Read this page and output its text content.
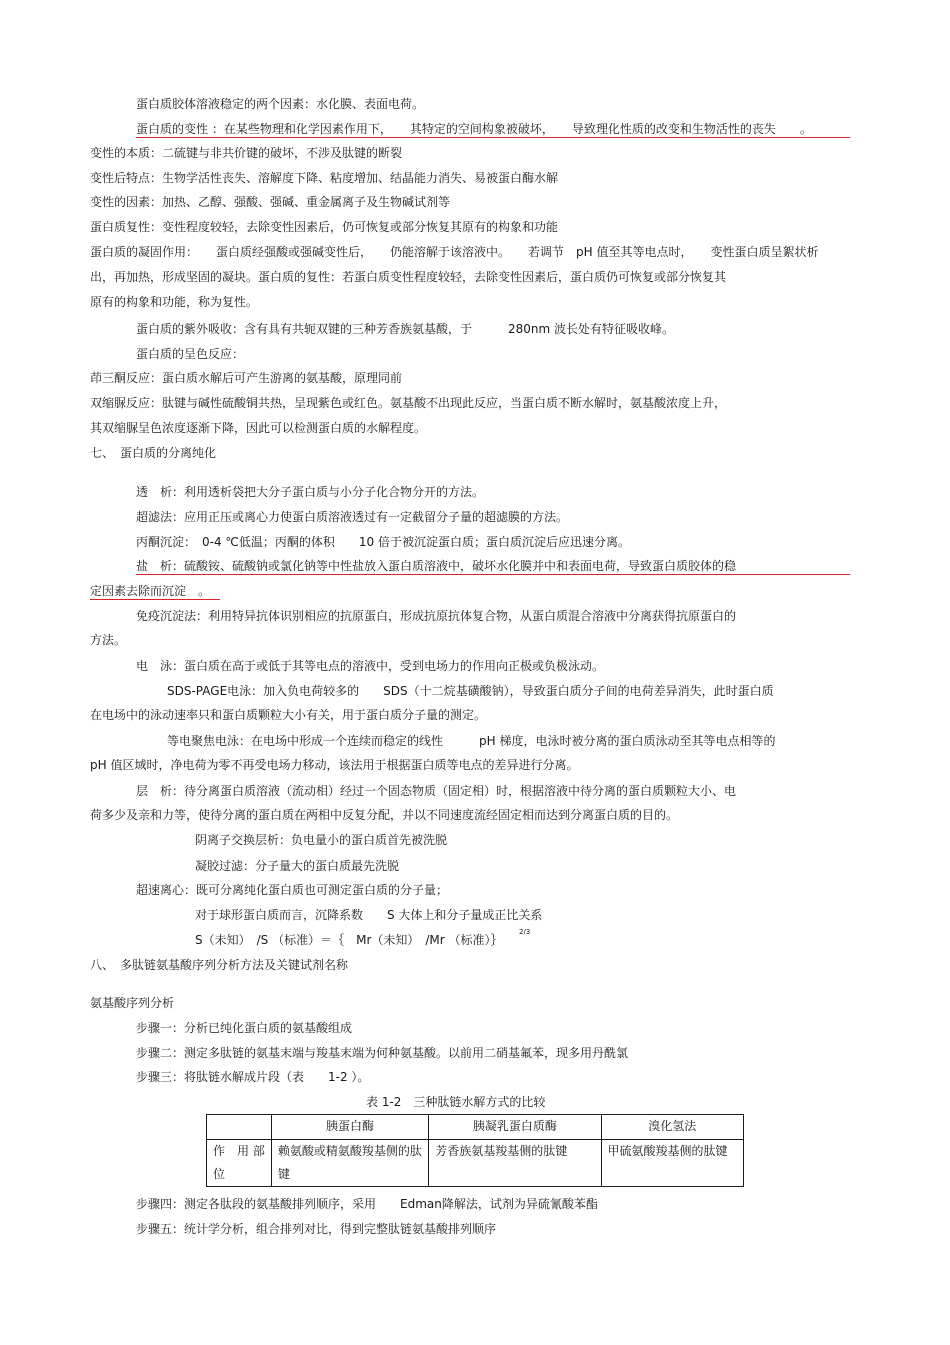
蛋白质胶体溶液稳定的两个因素：水化膜、表面电荷。
蛋白质的变性 ：在某些物理和化学因素作用下，　　其特定的空间构象被破坏，　　导致理化性质的改变和生物活性的丧失　　。
变性的本质：二硫键与非共价键的破坏，不涉及肽键的断裂
变性后特点：生物学活性丧失、溶解度下降、粘度增加、结晶能力消失、易被蛋白酶水解
变性的因素：加热、乙醇、强酸、强碱、重金属离子及生物碱试剂等
蛋白质复性：变性程度较轻，去除变性因素后，仍可恢复或部分恢复其原有的构象和功能
蛋白质的凝固作用：　　蛋白质经强酸或强碱变性后，　　仍能溶解于该溶液中。　　若调节　pH 值至其等电点时，　　变性蛋白质呈絮状析
出，再加热，形成坚固的凝块。蛋白质的复性：若蛋白质变性程度较轻，去除变性因素后，蛋白质仍可恢复或部分恢复其
原有的构象和功能，称为复性。
蛋白质的紫外吸收：含有具有共轭双键的三种芳香族氨基酸，于　　　280nm 波长处有特征吸收峰。
蛋白质的呈色反应：
茚三酮反应：蛋白质水解后可产生游离的氨基酸，原理同前
双缩脲反应：肽键与碱性硫酸铜共热，呈现紫色或红色。氨基酸不出现此反应，当蛋白质不断水解时，氨基酸浓度上升，
其双缩脲呈色浓度逐渐下降，因此可以检测蛋白质的水解程度。
七、　蛋白质的分离纯化
透　析：利用透析袋把大分子蛋白质与小分子化合物分开的方法。
超滤法：应用正压或离心力使蛋白质溶液透过有一定截留分子量的超滤膜的方法。
丙酮沉淀：　0-4 ℃低温；丙酮的体积　　10 倍于被沉淀蛋白质；蛋白质沉淀后应迅速分离。
盐　析：硫酸铵、硫酸钠或氯化钠等中性盐放入蛋白质溶液中，破坏水化膜并中和表面电荷，导致蛋白质胶体的稳
定因素去除而沉淀　。
免疫沉淀法：利用特异抗体识别相应的抗原蛋白，形成抗原抗体复合物，从蛋白质混合溶液中分离获得抗原蛋白的
方法。
电　泳：蛋白质在高于或低于其等电点的溶液中，受到电场力的作用向正极或负极泳动。
SDS-PAGE电泳：加入负电荷较多的　　SDS（十二烷基磺酸钠），导致蛋白质分子间的电荷差异消失，此时蛋白质
在电场中的泳动速率只和蛋白质颗粒大小有关，用于蛋白质分子量的测定。
等电聚焦电泳：在电场中形成一个连续而稳定的线性　　　pH 梯度，电泳时被分离的蛋白质泳动至其等电点相等的
pH 值区域时，净电荷为零不再受电场力移动，该法用于根据蛋白质等电点的差异进行分离。
层　析：待分离蛋白质溶液（流动相）经过一个固态物质（固定相）时，根据溶液中待分离的蛋白质颗粒大小、电
荷多少及亲和力等，使待分离的蛋白质在两相中反复分配，并以不同速度流经固定相而达到分离蛋白质的目的。
阴离子交换层析：负电量小的蛋白质首先被洗脱
凝胶过滤：分子量大的蛋白质最先洗脱
超速离心：既可分离纯化蛋白质也可测定蛋白质的分子量；
对于球形蛋白质而言，沉降系数　　S 大体上和分子量成正比关系
S（未知）　/S （标准）＝｛　Mr（未知）　/Mr （标准）｝
2/3
八、　多肽链氨基酸序列分析方法及关键试剂名称
氨基酸序列分析
步骤一：分析已纯化蛋白质的氨基酸组成
步骤二：测定多肽链的氨基末端与羧基末端为何种氨基酸。以前用二硝基氟苯，现多用丹酰氯
步骤三：将肽链水解成片段（表　　1-2 ）。
表 1-2　三种肽链水解方式的比较
	胰蛋白酶	胰凝乳蛋白质酶	溴化氢法
作　用 部位	赖氨酸或精氨酸羧基侧的肽键	芳香族氨基羧基侧的肽键	甲硫氨酸羧基侧的肽键
步骤四：测定各肽段的氨基酸排列顺序，采用　　Edman降解法，试剂为异硫氰酸苯酯
步骤五：统计学分析，组合排列对比，得到完整肽链氨基酸排列顺序
